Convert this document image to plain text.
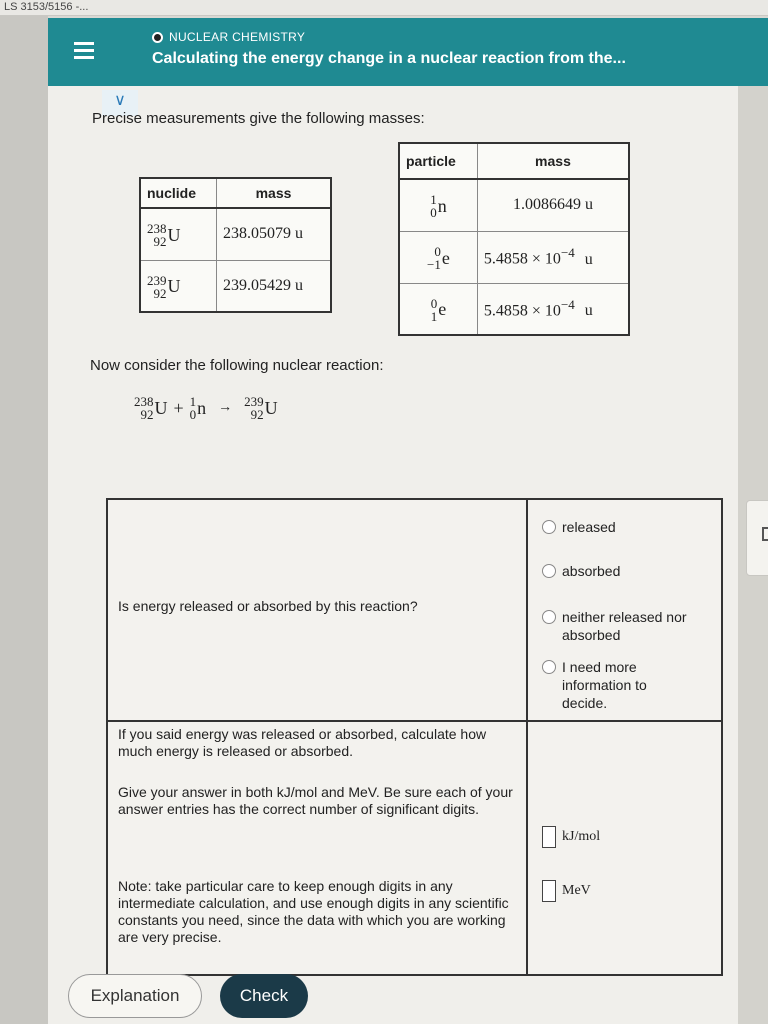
LS 3153/5156 -...
NUCLEAR CHEMISTRY
Calculating the energy change in a nuclear reaction from the...
∨
Precise measurements give the following masses:
nuclide	mass

238
92 U	238.05079 u

239
92 U	239.05429 u
particle	mass

1
0 n	1.0086649 u

0
−1 e	$5.4858 \times 10^{-4}$ u

0
1 e	$5.4858 \times 10^{-4}$ u
Now consider the following nuclear reaction:
238
92 U + 1
0 n → 239
92 U
Is energy released or absorbed by this reaction?
released
absorbed
neither released nor absorbed
I need more information to decide.
If you said energy was released or absorbed, calculate how much energy is released or absorbed.
Give your answer in both kJ/mol and MeV. Be sure each of your answer entries has the correct number of significant digits.
Note: take particular care to keep enough digits in any intermediate calculation, and use enough digits in any scientific constants you need, since the data with which you are working are very precise.
kJ/mol
MeV
Explanation	Check
